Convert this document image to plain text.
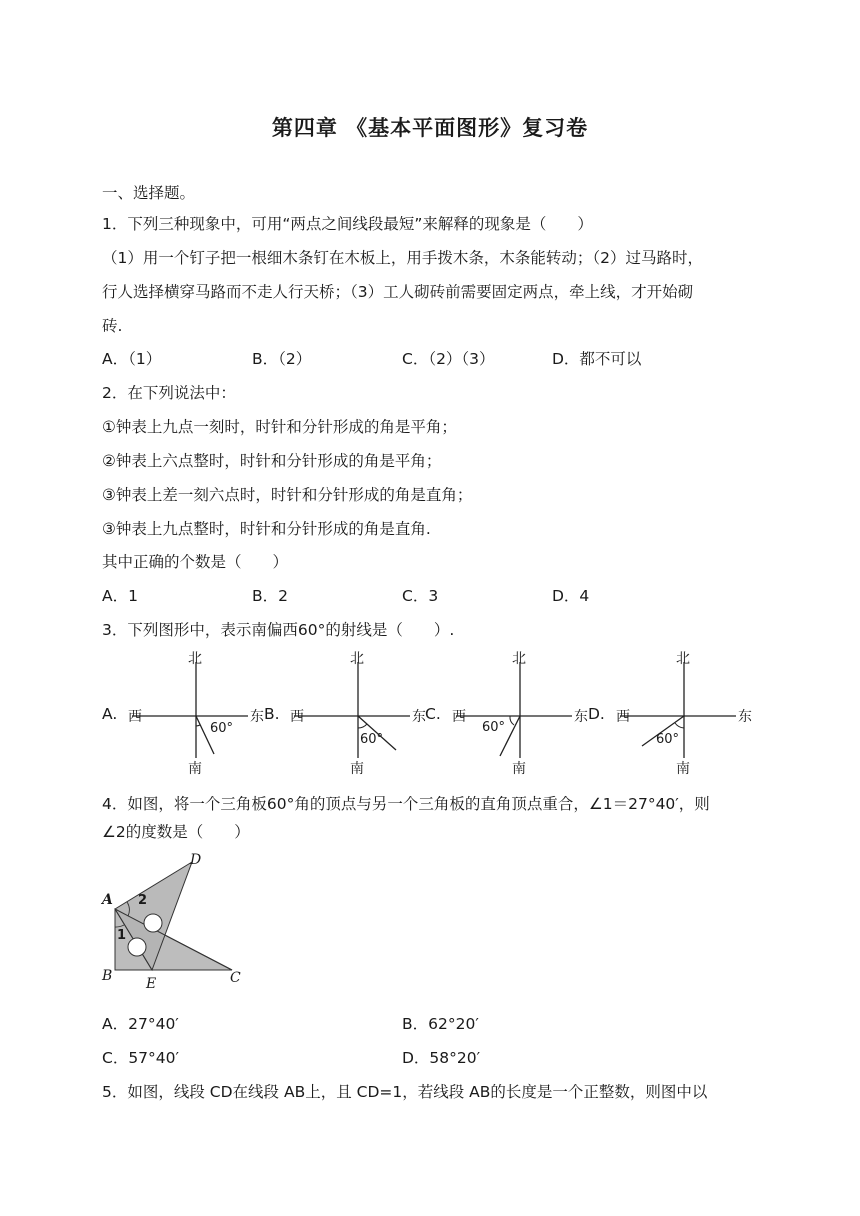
第四章 《基本平面图形》复习卷
一、选择题。
1．下列三种现象中，可用“两点之间线段最短”来解释的现象是（　　）
（1）用一个钉子把一根细木条钉在木板上，用手拨木条，木条能转动；（2）过马路时，
行人选择横穿马路而不走人行天桥；（3）工人砌砖前需要固定两点，牵上线，才开始砌
砖.
A．（1）	B．（2）	C．（2）（3）	D．都不可以
2．在下列说法中：
①钟表上九点一刻时，时针和分针形成的角是平角；
②钟表上六点整时，时针和分针形成的角是平角；
③钟表上差一刻六点时，时针和分针形成的角是直角；
③钟表上九点整时，时针和分针形成的角是直角.
其中正确的个数是（　　）
A．1	B．2	C．3	D．4
3．下列图形中，表示南偏西60°的射线是（　　）.
A.	B.	C.	D.
北
西	东
南
60°
北
西	东
南
60°
北
西	东
南
60°
北
西	东
南
60°
4．如图，将一个三角板60°角的顶点与另一个三角板的直角顶点重合，∠1＝27°40′，则
∠2的度数是（　　）
A
D
B E	C
1
2
A．27°40′	B．62°20′
C．57°40′	D．58°20′
5．如图，线段 CD在线段 AB上，且 CD=1，若线段 AB的长度是一个正整数，则图中以
